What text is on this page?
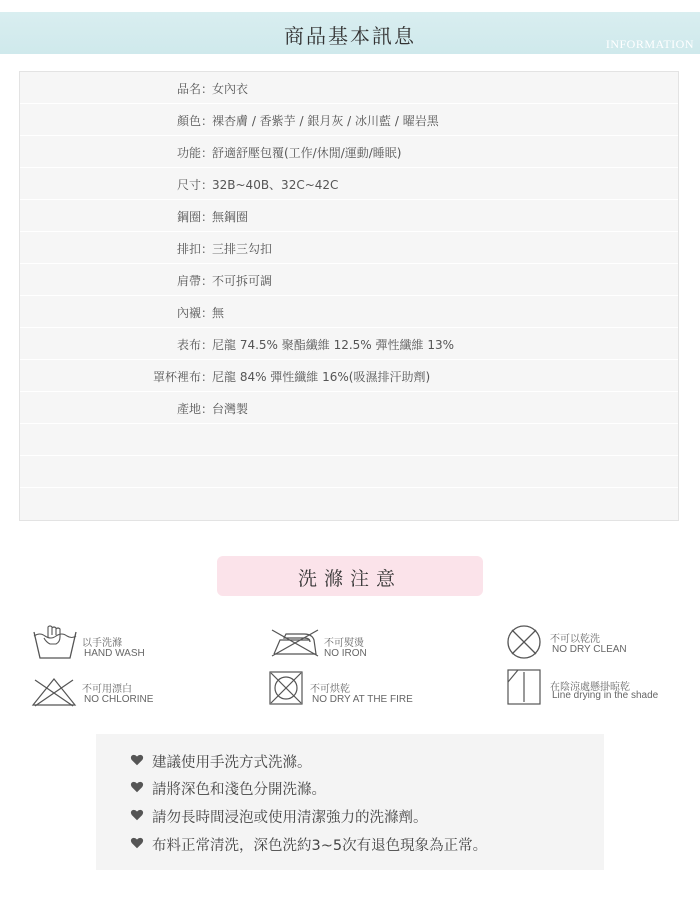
商品基本訊息	INFORMATION
品名 ：
女內衣
顏色 ：
裸杏膚 / 香紫芋 / 銀月灰 / 冰川藍 / 曜岩黑
功能 ：
舒適舒壓包覆(工作/休閒/運動/睡眠)
尺寸 ：
32B~40B、32C~42C
鋼圈 ：
無鋼圈
排扣 ：
三排三勾扣
肩帶 ：
不可拆可調
內襯 ：
無
表布 ：
尼龍 74.5% 聚酯纖維 12.5% 彈性纖維 13%
罩杯裡布 ：
尼龍 84% 彈性纖維 16%(吸濕排汗助劑)
產地 ：
台灣製
洗滌注意
以手洗滌
HAND WASH
不可熨燙
NO IRON
不可以乾洗
NO DRY CLEAN
不可用漂白
NO CHLORINE
不可烘乾
NO DRY AT THE FIRE
在陰涼處懸掛晾乾
Line drying in the shade
建議使用手洗方式洗滌。
請將深色和淺色分開洗滌。
請勿長時間浸泡或使用清潔強力的洗滌劑。
布料正常清洗，深色洗約3~5次有退色現象為正常。
